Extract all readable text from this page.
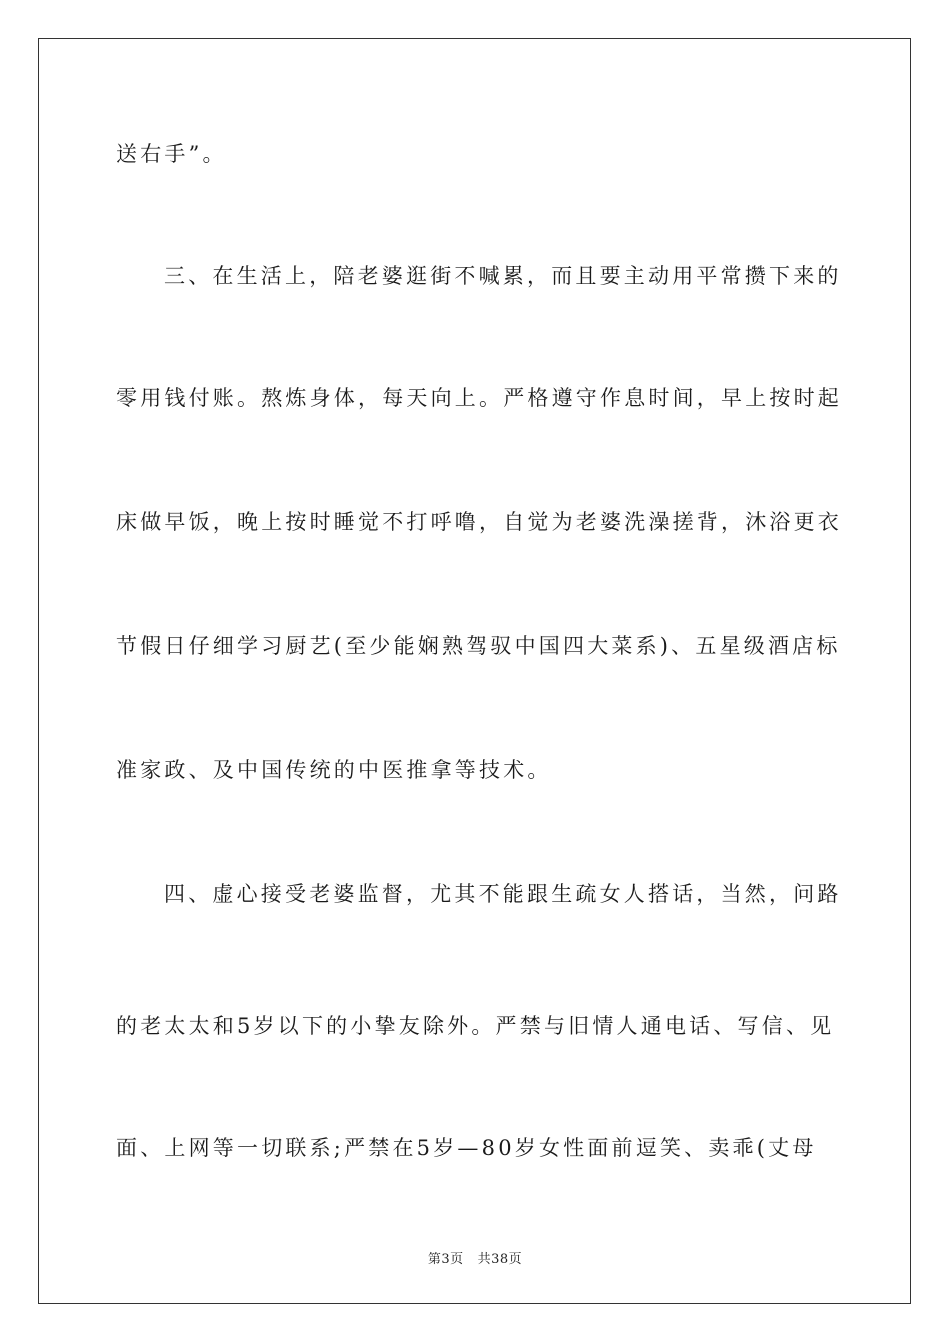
送右手”。
三、在生活上，陪老婆逛街不喊累，而且要主动用平常攒下来的
零用钱付账。熬炼身体，每天向上。严格遵守作息时间，早上按时起
床做早饭，晚上按时睡觉不打呼噜，自觉为老婆洗澡搓背，沐浴更衣
节假日仔细学习厨艺(至少能娴熟驾驭中国四大菜系)、五星级酒店标
准家政、及中国传统的中医推拿等技术。
四、虚心接受老婆监督，尤其不能跟生疏女人搭话，当然，问路
的老太太和5岁以下的小挚友除外。严禁与旧情人通电话、写信、见
面、上网等一切联系;严禁在5岁—80岁女性面前逗笑、卖乖(丈母
第3页 共38页
